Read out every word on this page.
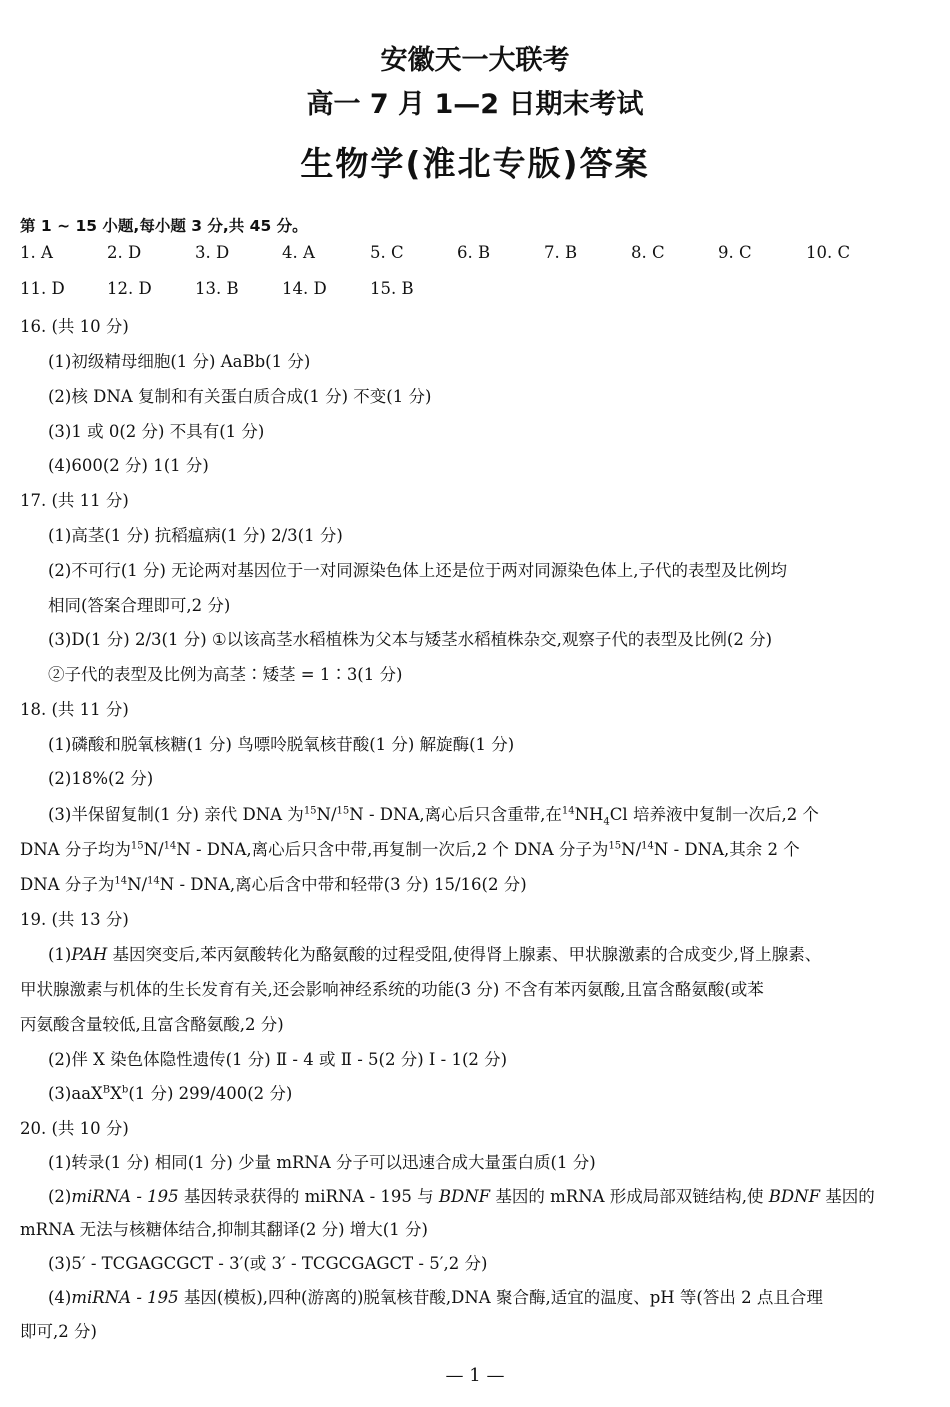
安徽天一大联考
高一 7 月 1—2 日期末考试
生物学(淮北专版)答案
第 1 ~ 15 小题,每小题 3 分,共 45 分。
1. A	2. D	3. D	4. A	5. C	6. B	7. B	8. C	9. C	10. C
11. D	12. D	13. B	14. D	15. B
16. (共 10 分)
(1)初级精母细胞(1 分) AaBb(1 分)
(2)核 DNA 复制和有关蛋白质合成(1 分) 不变(1 分)
(3)1 或 0(2 分) 不具有(1 分)
(4)600(2 分) 1(1 分)
17. (共 11 分)
(1)高茎(1 分) 抗稻瘟病(1 分) 2/3(1 分)
(2)不可行(1 分) 无论两对基因位于一对同源染色体上还是位于两对同源染色体上,子代的表型及比例均
相同(答案合理即可,2 分)
(3)D(1 分) 2/3(1 分) ①以该高茎水稻植株为父本与矮茎水稻植株杂交,观察子代的表型及比例(2 分)
②子代的表型及比例为高茎∶矮茎 = 1∶3(1 分)
18. (共 11 分)
(1)磷酸和脱氧核糖(1 分) 鸟嘌呤脱氧核苷酸(1 分) 解旋酶(1 分)
(2)18%(2 分)
(3)半保留复制(1 分) 亲代 DNA 为$^{15}$N/$^{15}$N - DNA,离心后只含重带,在$^{14}NH_4Cl$ 培养液中复制一次后,2 个
DNA 分子均为$^{15}$N/$^{14}$N - DNA,离心后只含中带,再复制一次后,2 个 DNA 分子为$^{15}$N/$^{14}$N - DNA,其余 2 个
DNA 分子为$^{14}$N/$^{14}$N - DNA,离心后含中带和轻带(3 分) 15/16(2 分)
19. (共 13 分)
(1)PAH 基因突变后,苯丙氨酸转化为酪氨酸的过程受阻,使得肾上腺素、甲状腺激素的合成变少,肾上腺素、
甲状腺激素与机体的生长发育有关,还会影响神经系统的功能(3 分) 不含有苯丙氨酸,且富含酪氨酸(或苯
丙氨酸含量较低,且富含酪氨酸,2 分)
(2)伴 X 染色体隐性遗传(1 分) Ⅱ - 4 或 Ⅱ - 5(2 分) Ⅰ - 1(2 分)
$(3)aaX^BX^b(1$ 分) 299/400(2 分)
20. (共 10 分)
(1)转录(1 分) 相同(1 分) 少量 mRNA 分子可以迅速合成大量蛋白质(1 分)
(2)miRNA - 195 基因转录获得的 miRNA - 195 与 BDNF 基因的 mRNA 形成局部双链结构,使 BDNF 基因的
mRNA 无法与核糖体结合,抑制其翻译(2 分) 增大(1 分)
(3)5′ - TCGAGCGCT - 3′(或 3′ - TCGCGAGCT - 5′,2 分)
(4)miRNA - 195 基因(模板),四种(游离的)脱氧核苷酸,DNA 聚合酶,适宜的温度、pH 等(答出 2 点且合理
即可,2 分)
— 1 —
